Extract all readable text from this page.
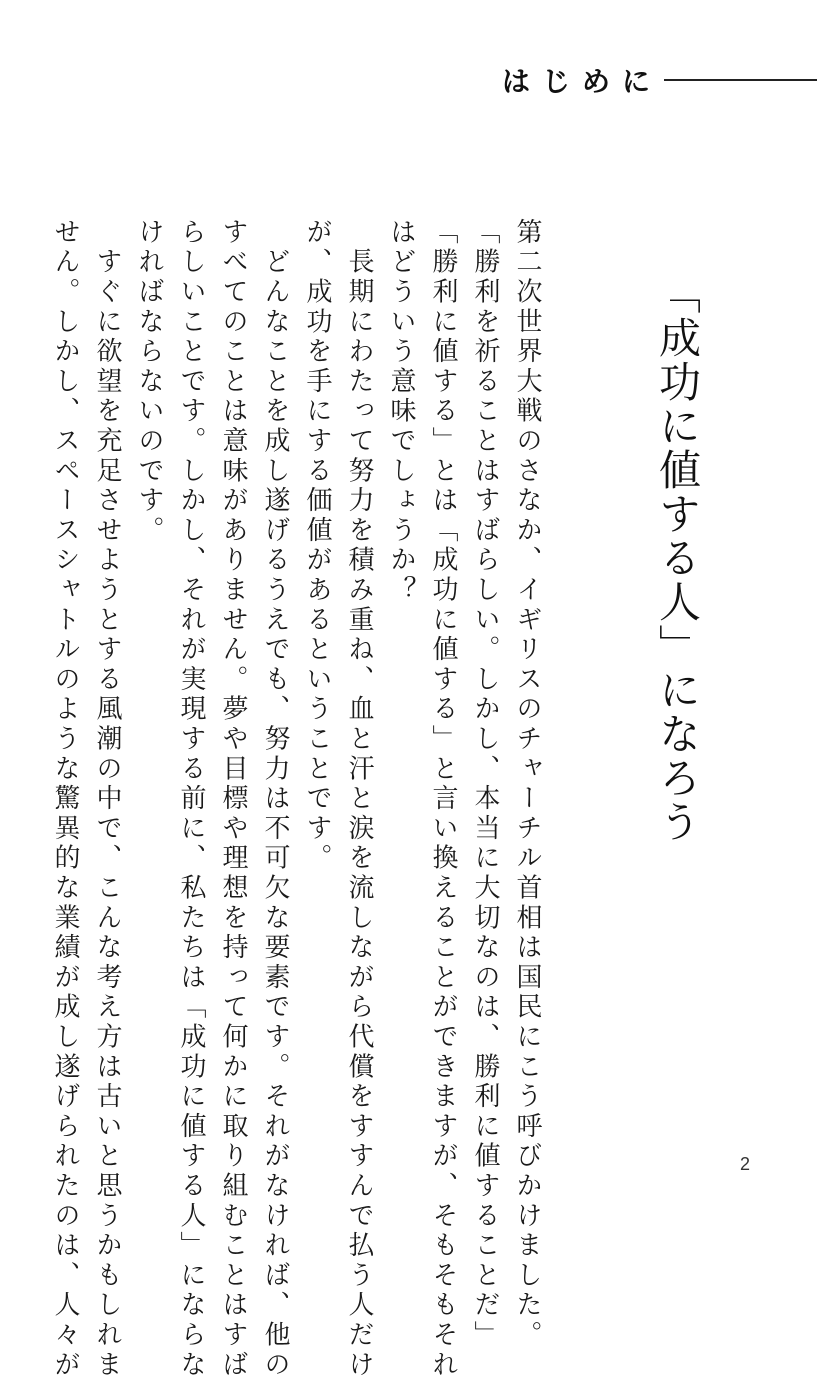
はじめに
「成功に値する人」になろう
第二次世界大戦のさなか、イギリスのチャーチル首相は国民にこう呼びかけました。
「勝利を祈ることはすばらしい。しかし、本当に大切なのは、勝利に値することだ」
「勝利に値する」とは「成功に値する」と言い換えることができますが、そもそもそれ
はどういう意味でしょうか？
　長期にわたって努力を積み重ね、血と汗と涙を流しながら代償をすすんで払う人だけ
が、成功を手にする価値があるということです。
　どんなことを成し遂げるうえでも、努力は不可欠な要素です。それがなければ、他の
すべてのことは意味がありません。夢や目標や理想を持って何かに取り組むことはすば
らしいことです。しかし、それが実現する前に、私たちは「成功に値する人」にならな
ければならないのです。
　すぐに欲望を充足させようとする風潮の中で、こんな考え方は古いと思うかもしれま
せん。しかし、スペースシャトルのような驚異的な業績が成し遂げられたのは、人々が	2
